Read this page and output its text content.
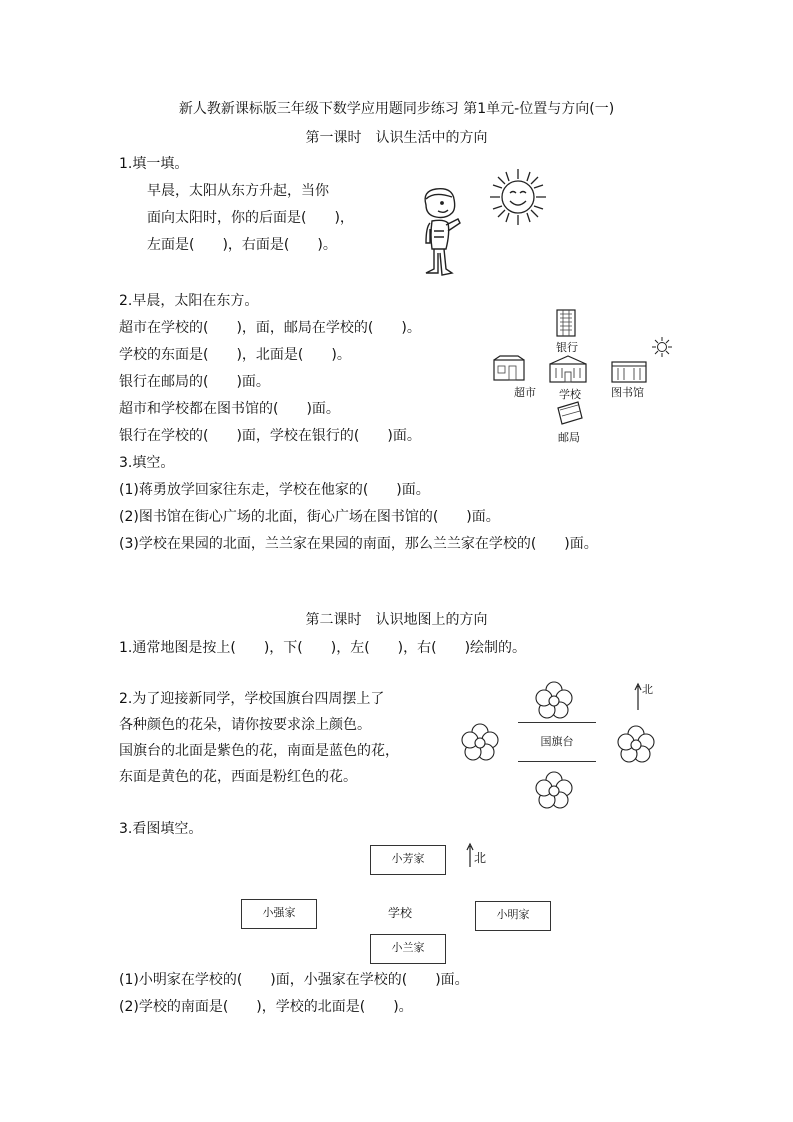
新人教新课标版三年级下数学应用题同步练习 第1单元-位置与方向(一)
第一课时　认识生活中的方向
1.填一填。
早晨，太阳从东方升起，当你
面向太阳时，你的后面是(　　)，
左面是(　　)，右面是(　　)。
2.早晨，太阳在东方。
超市在学校的(　　)，面，邮局在学校的(　　)。
学校的东面是(　　)，北面是(　　)。
银行在邮局的(　　)面。
超市和学校都在图书馆的(　　)面。
银行在学校的(　　)面，学校在银行的(　　)面。
银行
超市 学校	图书馆
邮局
3.填空。
(1)蒋勇放学回家往东走，学校在他家的(　　)面。
(2)图书馆在街心广场的北面，街心广场在图书馆的(　　)面。
(3)学校在果园的北面，兰兰家在果园的南面，那么兰兰家在学校的(　　)面。
第二课时　认识地图上的方向
1.通常地图是按上(　　)，下(　　)，左(　　)，右(　　)绘制的。
2.为了迎接新同学，学校国旗台四周摆上了
各种颜色的花朵，请你按要求涂上颜色。
国旗台的北面是紫色的花，南面是蓝色的花，
东面是黄色的花，西面是粉红色的花。
北
国旗台
3.看图填空。
小芳家	北
小强家	学校	小明家
小兰家
(1)小明家在学校的(　　)面，小强家在学校的(　　)面。
(2)学校的南面是(　　)，学校的北面是(　　)。
